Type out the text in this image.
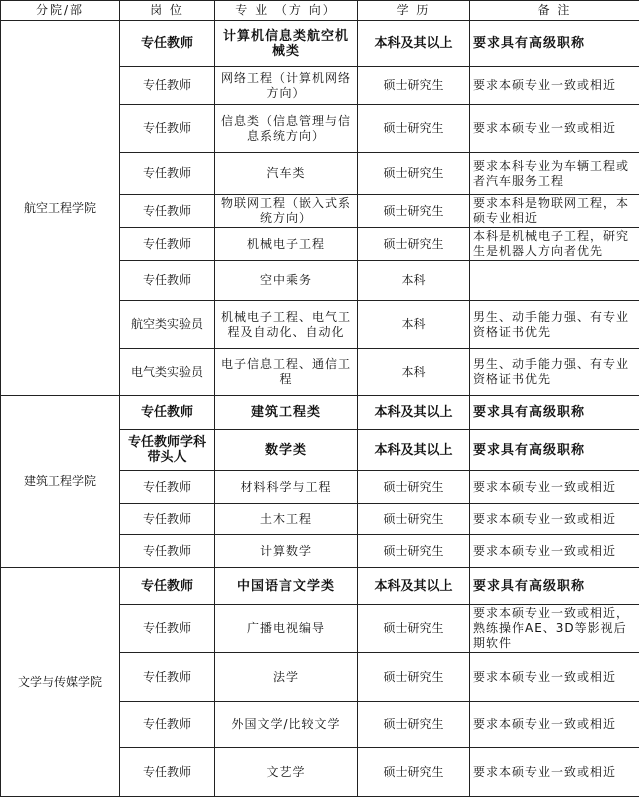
分院/部	岗 位	专 业 （方 向）	学 历	备 注
航空工程学院	专任教师	计算机信息类航空机械类	本科及其以上	要求具有高级职称
	专任教师	网络工程（计算机网络方向）	硕士研究生	要求本硕专业一致或相近
	专任教师	信息类（信息管理与信息系统方向）	硕士研究生	要求本硕专业一致或相近
	专任教师	汽车类	硕士研究生	要求本科专业为车辆工程或者汽车服务工程
	专任教师	物联网工程（嵌入式系统方向）	硕士研究生	要求本科是物联网工程，本硕专业相近
	专任教师	机械电子工程	硕士研究生	本科是机械电子工程，研究生是机器人方向者优先
	专任教师	空中乘务	本科	
	航空类实验员	机械电子工程、电气工程及自动化、自动化	本科	男生、动手能力强、有专业资格证书优先
	电气类实验员	电子信息工程、通信工程	本科	男生、动手能力强、有专业资格证书优先
建筑工程学院	专任教师	建筑工程类	本科及其以上	要求具有高级职称
	专任教师学科带头人	数学类	本科及其以上	要求具有高级职称
	专任教师	材料科学与工程	硕士研究生	要求本硕专业一致或相近
	专任教师	土木工程	硕士研究生	要求本硕专业一致或相近
	专任教师	计算数学	硕士研究生	要求本硕专业一致或相近
文学与传媒学院	专任教师	中国语言文学类	本科及其以上	要求具有高级职称
	专任教师	广播电视编导	硕士研究生	要求本硕专业一致或相近，熟练操作AE、3D等影视后期软件
	专任教师	法学	硕士研究生	要求本硕专业一致或相近
	专任教师	外国文学/比较文学	硕士研究生	要求本硕专业一致或相近
	专任教师	文艺学	硕士研究生	要求本硕专业一致或相近
